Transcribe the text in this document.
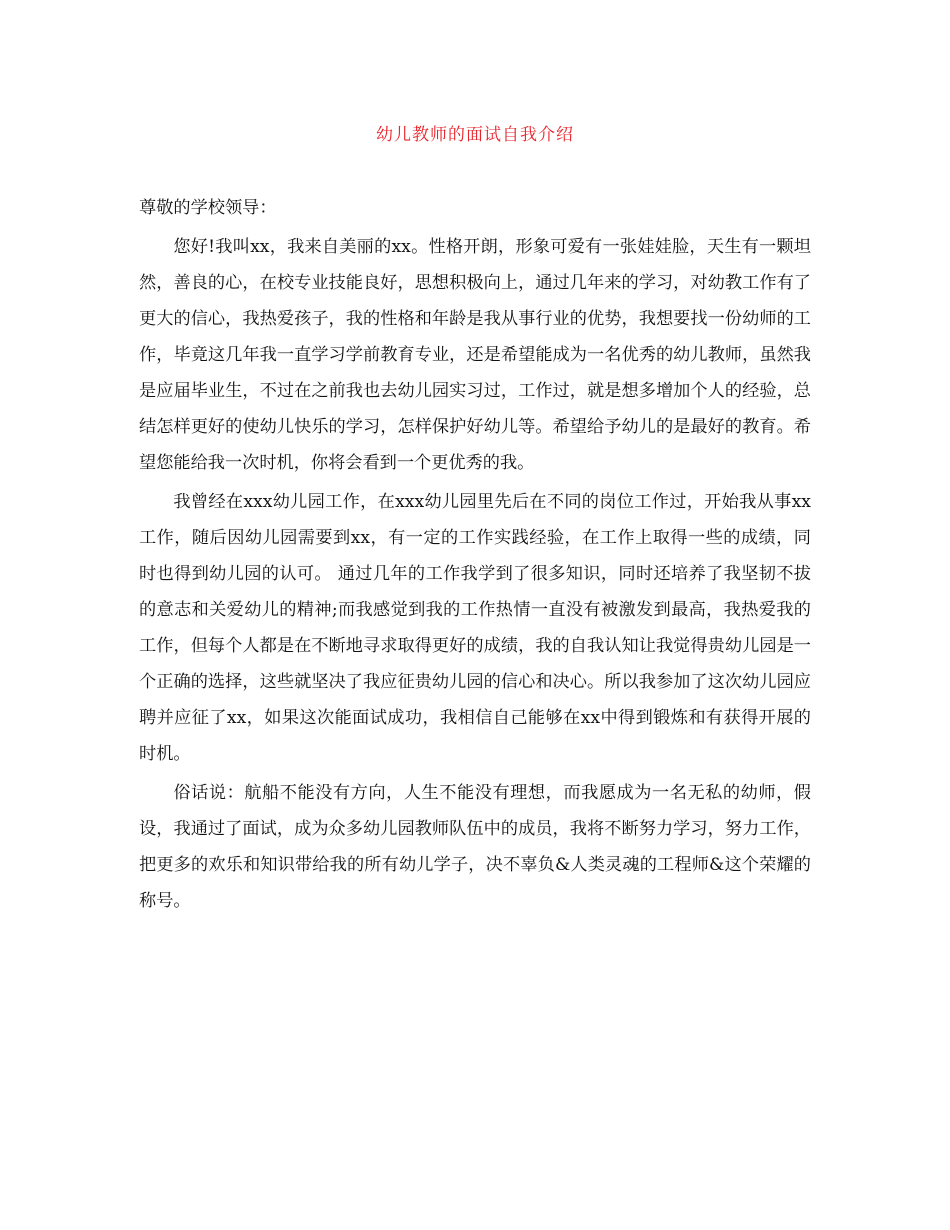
幼儿教师的面试自我介绍

尊敬的学校领导：

您好!我叫xx，我来自美丽的xx。性格开朗，形象可爱有一张娃娃脸，天生有一颗坦然，善良的心，在校专业技能良好，思想积极向上，通过几年来的学习，对幼教工作有了更大的信心，我热爱孩子，我的性格和年龄是我从事行业的优势，我想要找一份幼师的工作，毕竟这几年我一直学习学前教育专业，还是希望能成为一名优秀的幼儿教师，虽然我是应届毕业生，不过在之前我也去幼儿园实习过，工作过，就是想多增加个人的经验，总结怎样更好的使幼儿快乐的学习，怎样保护好幼儿等。希望给予幼儿的是最好的教育。希望您能给我一次时机，你将会看到一个更优秀的我。

我曾经在xxx幼儿园工作，在xxx幼儿园里先后在不同的岗位工作过，开始我从事xx工作，随后因幼儿园需要到xx，有一定的工作实践经验，在工作上取得一些的成绩，同时也得到幼儿园的认可。 通过几年的工作我学到了很多知识，同时还培养了我坚韧不拔的意志和关爱幼儿的精神;而我感觉到我的工作热情一直没有被激发到最高，我热爱我的工作，但每个人都是在不断地寻求取得更好的成绩，我的自我认知让我觉得贵幼儿园是一个正确的选择，这些就坚决了我应征贵幼儿园的信心和决心。所以我参加了这次幼儿园应聘并应征了xx，如果这次能面试成功，我相信自己能够在xx中得到锻炼和有获得开展的时机。

俗话说：航船不能没有方向，人生不能没有理想，而我愿成为一名无私的幼师，假设，我通过了面试，成为众多幼儿园教师队伍中的成员，我将不断努力学习，努力工作，把更多的欢乐和知识带给我的所有幼儿学子，决不辜负&人类灵魂的工程师&这个荣耀的称号。
